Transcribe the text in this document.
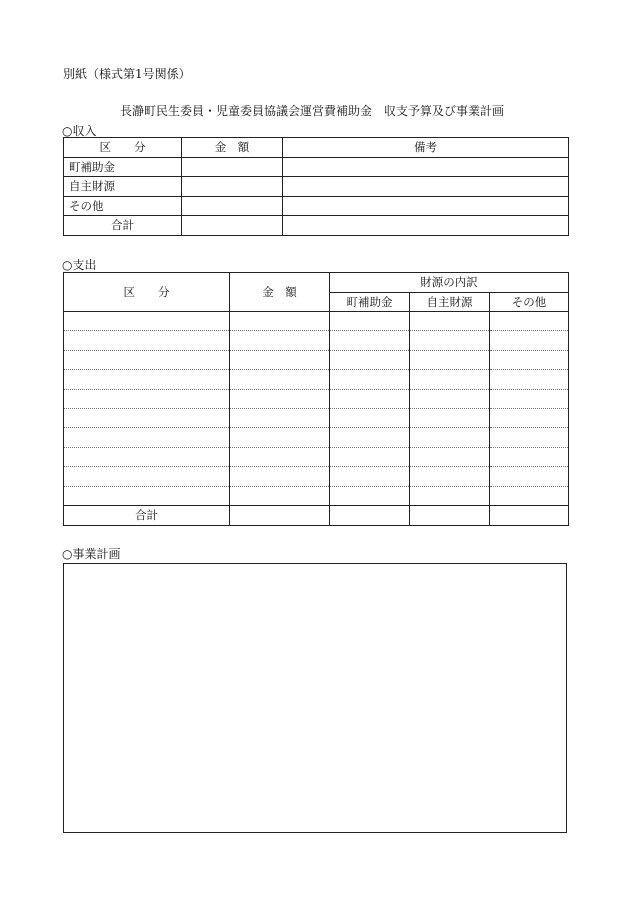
別紙（様式第1号関係）
長瀞町民生委員・児童委員協議会運営費補助金　収支予算及び事業計画
○収入
区　　分	金　額	備考
町補助金		
自主財源		
その他		
合計		
○支出
区　　分	金　額	財源の内訳		
		町補助金	自主財源	その他

合計				
○事業計画
